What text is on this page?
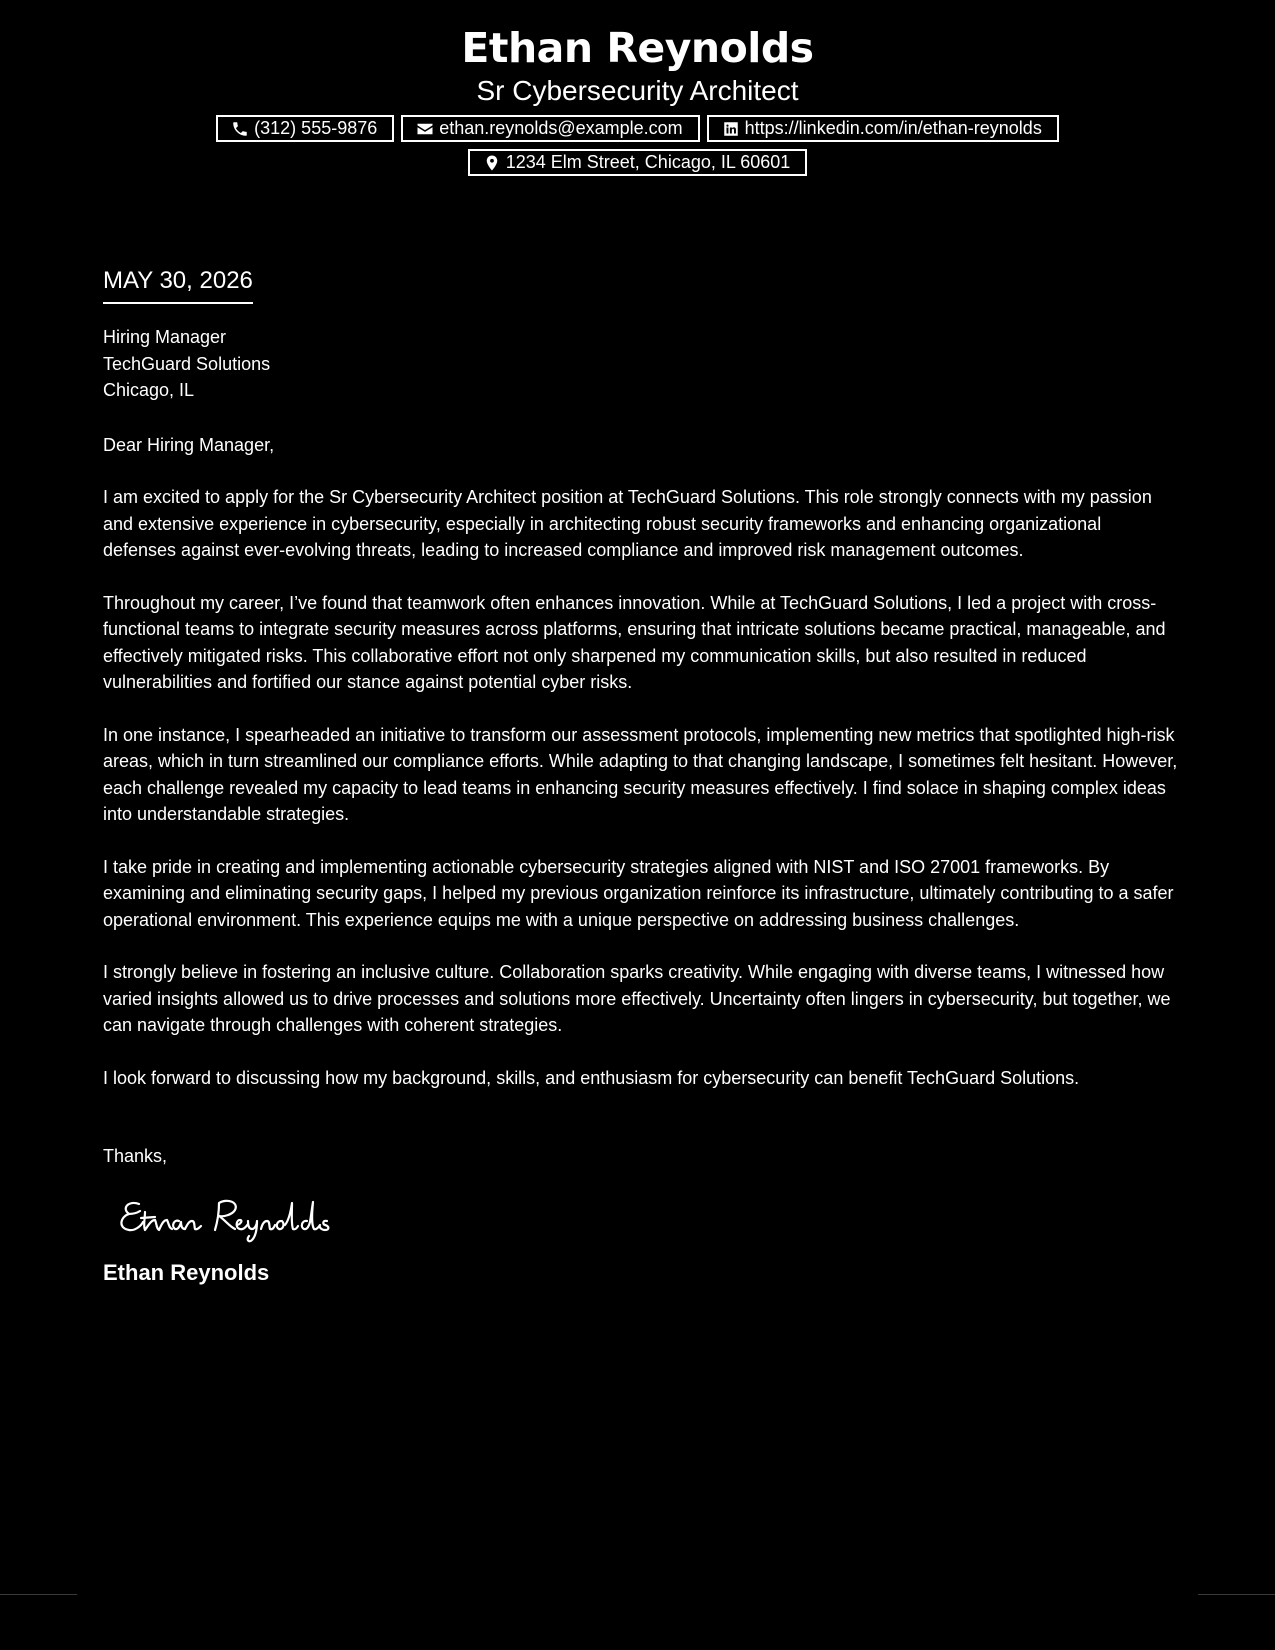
Ethan Reynolds
Sr Cybersecurity Architect
(312) 555-9876	ethan.reynolds@example.com	https://linkedin.com/in/ethan-reynolds
1234 Elm Street, Chicago, IL 60601
MAY 30, 2026
Hiring Manager
TechGuard Solutions
Chicago, IL
Dear Hiring Manager,

I am excited to apply for the Sr Cybersecurity Architect position at TechGuard Solutions. This role strongly connects with my passion and extensive experience in cybersecurity, especially in architecting robust security frameworks and enhancing organizational defenses against ever-evolving threats, leading to increased compliance and improved risk management outcomes.

Throughout my career, I’ve found that teamwork often enhances innovation. While at TechGuard Solutions, I led a project with cross-functional teams to integrate security measures across platforms, ensuring that intricate solutions became practical, manageable, and effectively mitigated risks. This collaborative effort not only sharpened my communication skills, but also resulted in reduced vulnerabilities and fortified our stance against potential cyber risks.

In one instance, I spearheaded an initiative to transform our assessment protocols, implementing new metrics that spotlighted high-risk areas, which in turn streamlined our compliance efforts. While adapting to that changing landscape, I sometimes felt hesitant. However, each challenge revealed my capacity to lead teams in enhancing security measures effectively. I find solace in shaping complex ideas into understandable strategies.

I take pride in creating and implementing actionable cybersecurity strategies aligned with NIST and ISO 27001 frameworks. By examining and eliminating security gaps, I helped my previous organization reinforce its infrastructure, ultimately contributing to a safer operational environment. This experience equips me with a unique perspective on addressing business challenges.

I strongly believe in fostering an inclusive culture. Collaboration sparks creativity. While engaging with diverse teams, I witnessed how varied insights allowed us to drive processes and solutions more effectively. Uncertainty often lingers in cybersecurity, but together, we can navigate through challenges with coherent strategies.

I look forward to discussing how my background, skills, and enthusiasm for cybersecurity can benefit TechGuard Solutions.

Thanks,
Ethan Reynolds
